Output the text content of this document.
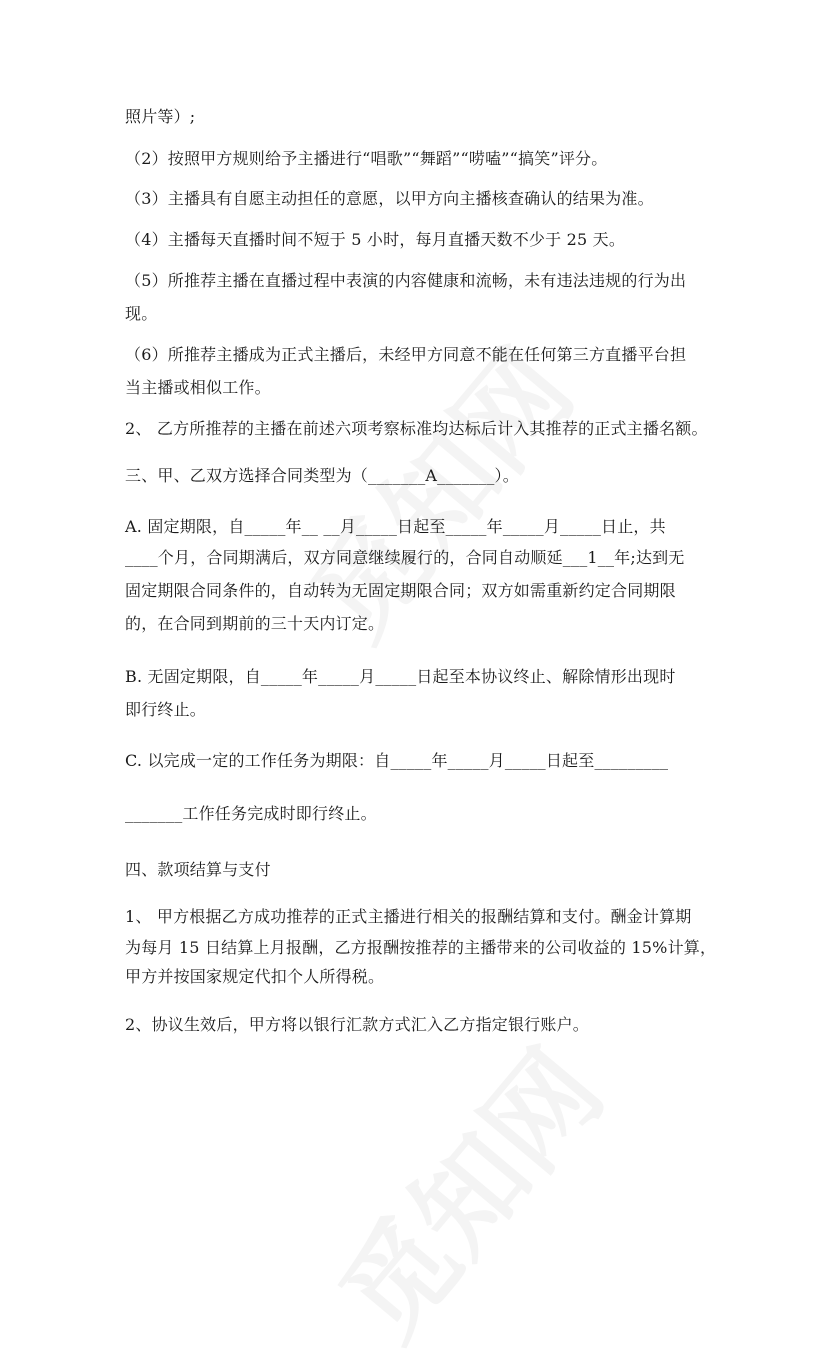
照片等）;
（2）按照甲方规则给予主播进行“唱歌”“舞蹈”“唠嗑”“搞笑”评分。
（3）主播具有自愿主动担任的意愿，以甲方向主播核查确认的结果为准。
（4）主播每天直播时间不短于 5 小时，每月直播天数不少于 25 天。
（5）所推荐主播在直播过程中表演的内容健康和流畅，未有违法违规的行为出
现。
（6）所推荐主播成为正式主播后，未经甲方同意不能在任何第三方直播平台担
当主播或相似工作。
2、 乙方所推荐的主播在前述六项考察标准均达标后计入其推荐的正式主播名额。
三、甲、乙双方选择合同类型为（_______A_______）。
A. 固定期限，自_____年__ __月_____日起至_____年_____月_____日止，共
____个月，合同期满后，双方同意继续履行的，合同自动顺延___1__年;达到无
固定期限合同条件的，自动转为无固定期限合同；双方如需重新约定合同期限
的，在合同到期前的三十天内订定。
B. 无固定期限，自_____年_____月_____日起至本协议终止、解除情形出现时
即行终止。
C. 以完成一定的工作任务为期限：自_____年_____月_____日起至_________
_______工作任务完成时即行终止。
四、款项结算与支付
1、 甲方根据乙方成功推荐的正式主播进行相关的报酬结算和支付。酬金计算期
为每月 15 日结算上月报酬，乙方报酬按推荐的主播带来的公司收益的 15%计算，
甲方并按国家规定代扣个人所得税。
2、协议生效后，甲方将以银行汇款方式汇入乙方指定银行账户。
